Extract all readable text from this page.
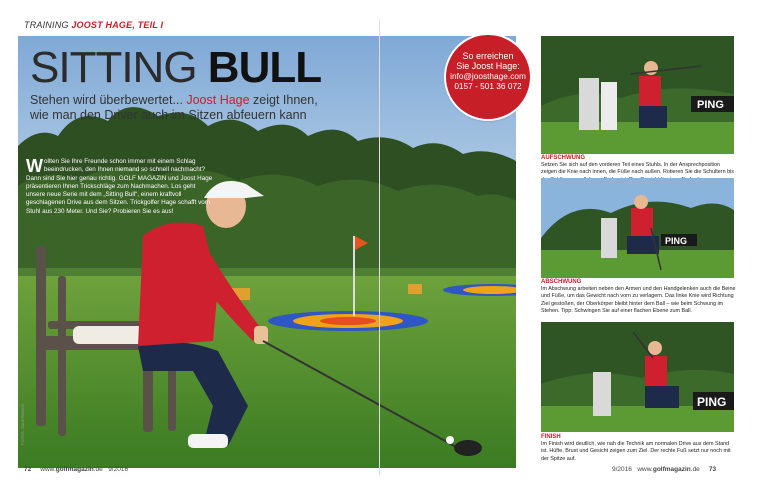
TRAINING JOOST HAGE, TEIL I
SITTING BULL
Stehen wird überbewertet... Joost Hage zeigt Ihnen,
wie man den Driver auch im Sitzen abfeuern kann
Wollten Sie Ihre Freunde schon immer mit einem Schlag beeindrucken, den Ihnen niemand so schnell nachmacht? Dann sind Sie hier genau richtig. GOLF MAGAZIN und Joost Hage präsentieren Ihnen Trickschläge zum Nachmachen. Los geht unsere neue Serie mit dem „Sitting Bull“, einem kraftvoll geschlagenen Drive aus dem Sitzen. Trickgolfer Hage schafft vom Stuhl aus 230 Meter. Und Sie? Probieren Sie es aus!
FOTOS: SAUERWALD
72 www.golfmagazin.de 9/2016
So erreichen
Sie Joost Hage:
info@joosthage.com
0157 - 501 36 072
PING
AUFSCHWUNG
Setzen Sie sich auf den vorderen Teil eines Stuhls. In der Ansprechposition zeigen die Knie nach innen, die Füße nach außen. Rotieren Sie die Schultern bis
PING
ABSCHWUNG
Im Abschwung arbeiten neben den Armen und den Handgelenken auch die Beine und Füße, um das Gewicht nach vorn zu verlagern. Das linke Knie wird Richtung Ziel gestoßen, der Oberkörper bleibt hinter dem Ball – wie beim Schwung im Stehen. Tipp: Schwingen Sie auf einer flachen Ebene zum Ball.
PING
FINISH
Im Finish wird deutlich, wie nah die Technik am normalen Drive aus dem Stand ist. Hüfte, Brust und Gesicht zeigen zum Ziel. Der rechte Fuß setzt nur noch mit der Spitze auf.
9/2016 www.golfmagazin.de 73
